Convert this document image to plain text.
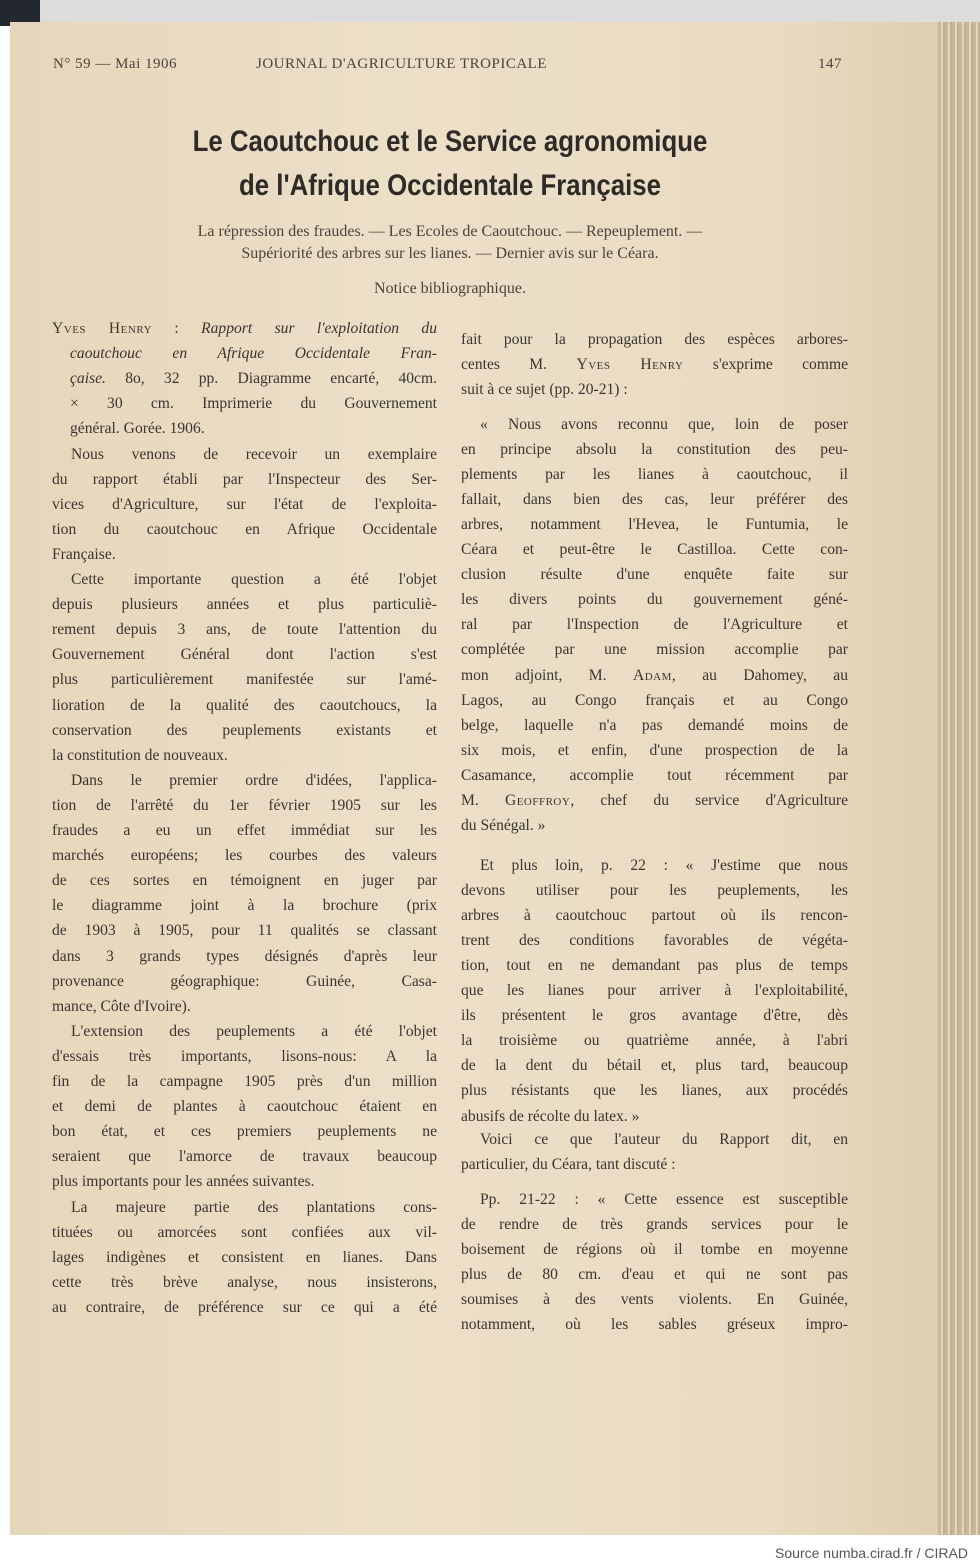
N° 59 — Mai 1906	JOURNAL D'AGRICULTURE TROPICALE	147
Le Caoutchouc et le Service agronomique
de l'Afrique Occidentale Française
La répression des fraudes. — Les Ecoles de Caoutchouc. — Repeuplement. —
Supériorité des arbres sur les lianes. — Dernier avis sur le Céara.
Notice bibliographique.
Yves Henry : Rapport sur l'exploitation du
caoutchouc en Afrique Occidentale Fran-
çaise. 8o, 32 pp. Diagramme encarté, 40cm.
× 30 cm. Imprimerie du Gouvernement
général. Gorée. 1906.
Nous venons de recevoir un exemplaire
du rapport établi par l'Inspecteur des Ser-
vices d'Agriculture, sur l'état de l'exploita-
tion du caoutchouc en Afrique Occidentale
Française.
Cette importante question a été l'objet
depuis plusieurs années et plus particuliè-
rement depuis 3 ans, de toute l'attention du
Gouvernement Général dont l'action s'est
plus particulièrement manifestée sur l'amé-
lioration de la qualité des caoutchoucs, la
conservation des peuplements existants et
la constitution de nouveaux.
Dans le premier ordre d'idées, l'applica-
tion de l'arrêté du 1er février 1905 sur les
fraudes a eu un effet immédiat sur les
marchés européens; les courbes des valeurs
de ces sortes en témoignent en juger par
le diagramme joint à la brochure (prix
de 1903 à 1905, pour 11 qualités se classant
dans 3 grands types désignés d'après leur
provenance géographique: Guinée, Casa-
mance, Côte d'Ivoire).
L'extension des peuplements a été l'objet
d'essais très importants, lisons-nous: A la
fin de la campagne 1905 près d'un million
et demi de plantes à caoutchouc étaient en
bon état, et ces premiers peuplements ne
seraient que l'amorce de travaux beaucoup
plus importants pour les années suivantes.
La majeure partie des plantations cons-
tituées ou amorcées sont confiées aux vil-
lages indigènes et consistent en lianes. Dans
cette très brève analyse, nous insisterons,
au contraire, de préférence sur ce qui a été
fait pour la propagation des espèces arbores-
centes M. Yves Henry s'exprime comme
suit à ce sujet (pp. 20-21) :
« Nous avons reconnu que, loin de poser
en principe absolu la constitution des peu-
plements par les lianes à caoutchouc, il
fallait, dans bien des cas, leur préférer des
arbres, notamment l'Hevea, le Funtumia, le
Céara et peut-être le Castilloa. Cette con-
clusion résulte d'une enquête faite sur
les divers points du gouvernement géné-
ral par l'Inspection de l'Agriculture et
complétée par une mission accomplie par
mon adjoint, M. Adam, au Dahomey, au
Lagos, au Congo français et au Congo
belge, laquelle n'a pas demandé moins de
six mois, et enfin, d'une prospection de la
Casamance, accomplie tout récemment par
M. Geoffroy, chef du service d'Agriculture
du Sénégal. »
Et plus loin, p. 22 : « J'estime que nous
devons utiliser pour les peuplements, les
arbres à caoutchouc partout où ils rencon-
trent des conditions favorables de végéta-
tion, tout en ne demandant pas plus de temps
que les lianes pour arriver à l'exploitabilité,
ils présentent le gros avantage d'être, dès
la troisième ou quatrième année, à l'abri
de la dent du bétail et, plus tard, beaucoup
plus résistants que les lianes, aux procédés
abusifs de récolte du latex. »
Voici ce que l'auteur du Rapport dit, en
particulier, du Céara, tant discuté :
Pp. 21-22 : « Cette essence est susceptible
de rendre de très grands services pour le
boisement de régions où il tombe en moyenne
plus de 80 cm. d'eau et qui ne sont pas
soumises à des vents violents. En Guinée,
notamment, où les sables gréseux impro-
Source numba.cirad.fr / CIRAD
